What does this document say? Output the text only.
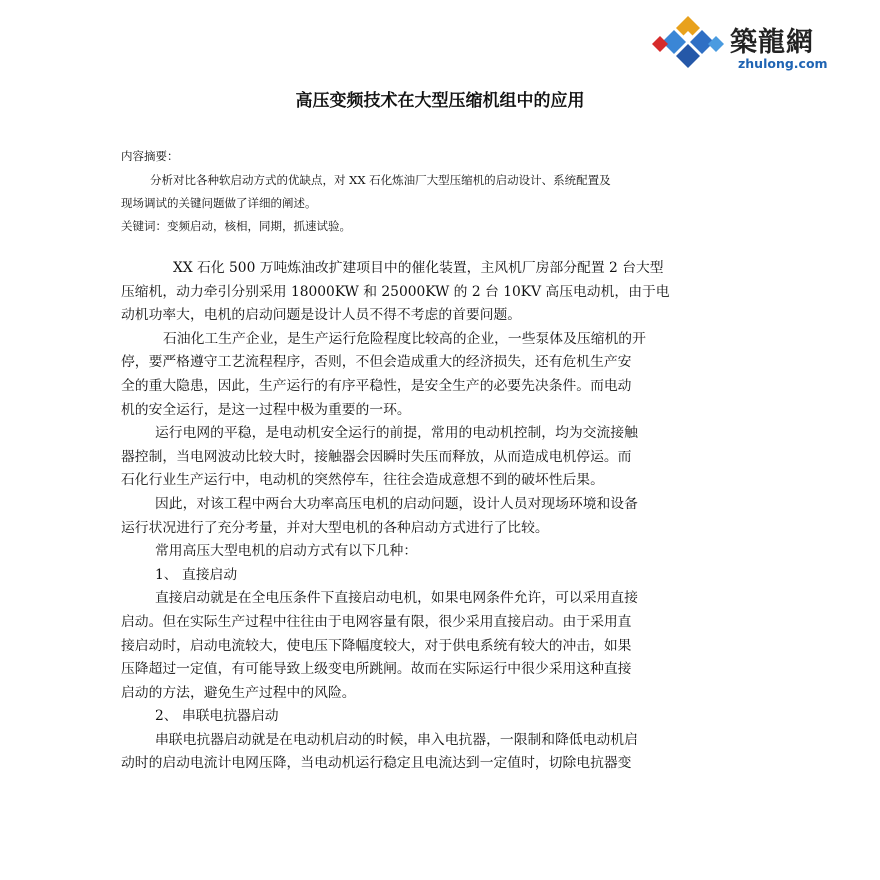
築龍網
zhulong.com
高压变频技术在大型压缩机组中的应用
内容摘要：
分析对比各种软启动方式的优缺点，对 XX 石化炼油厂大型压缩机的启动设计、系统配置及
现场调试的关键问题做了详细的阐述。
关键词：变频启动，核相，同期，抓速试验。
XX 石化 500 万吨炼油改扩建项目中的催化装置，主风机厂房部分配置 2 台大型
压缩机，动力牵引分别采用 18000KW 和 25000KW 的 2 台 10KV 高压电动机，由于电
动机功率大，电机的启动问题是设计人员不得不考虑的首要问题。
石油化工生产企业，是生产运行危险程度比较高的企业，一些泵体及压缩机的开
停，要严格遵守工艺流程程序，否则，不但会造成重大的经济损失，还有危机生产安
全的重大隐患，因此，生产运行的有序平稳性，是安全生产的必要先决条件。而电动
机的安全运行，是这一过程中极为重要的一环。
运行电网的平稳，是电动机安全运行的前提，常用的电动机控制，均为交流接触
器控制，当电网波动比较大时，接触器会因瞬时失压而释放，从而造成电机停运。而
石化行业生产运行中，电动机的突然停车，往往会造成意想不到的破坏性后果。
因此，对该工程中两台大功率高压电机的启动问题，设计人员对现场环境和设备
运行状况进行了充分考量，并对大型电机的各种启动方式进行了比较。
常用高压大型电机的启动方式有以下几种：
1、 直接启动
直接启动就是在全电压条件下直接启动电机，如果电网条件允许，可以采用直接
启动。但在实际生产过程中往往由于电网容量有限，很少采用直接启动。由于采用直
接启动时，启动电流较大，使电压下降幅度较大，对于供电系统有较大的冲击，如果
压降超过一定值，有可能导致上级变电所跳闸。故而在实际运行中很少采用这种直接
启动的方法，避免生产过程中的风险。
2、 串联电抗器启动
串联电抗器启动就是在电动机启动的时候，串入电抗器，一限制和降低电动机启
动时的启动电流计电网压降，当电动机运行稳定且电流达到一定值时，切除电抗器变
